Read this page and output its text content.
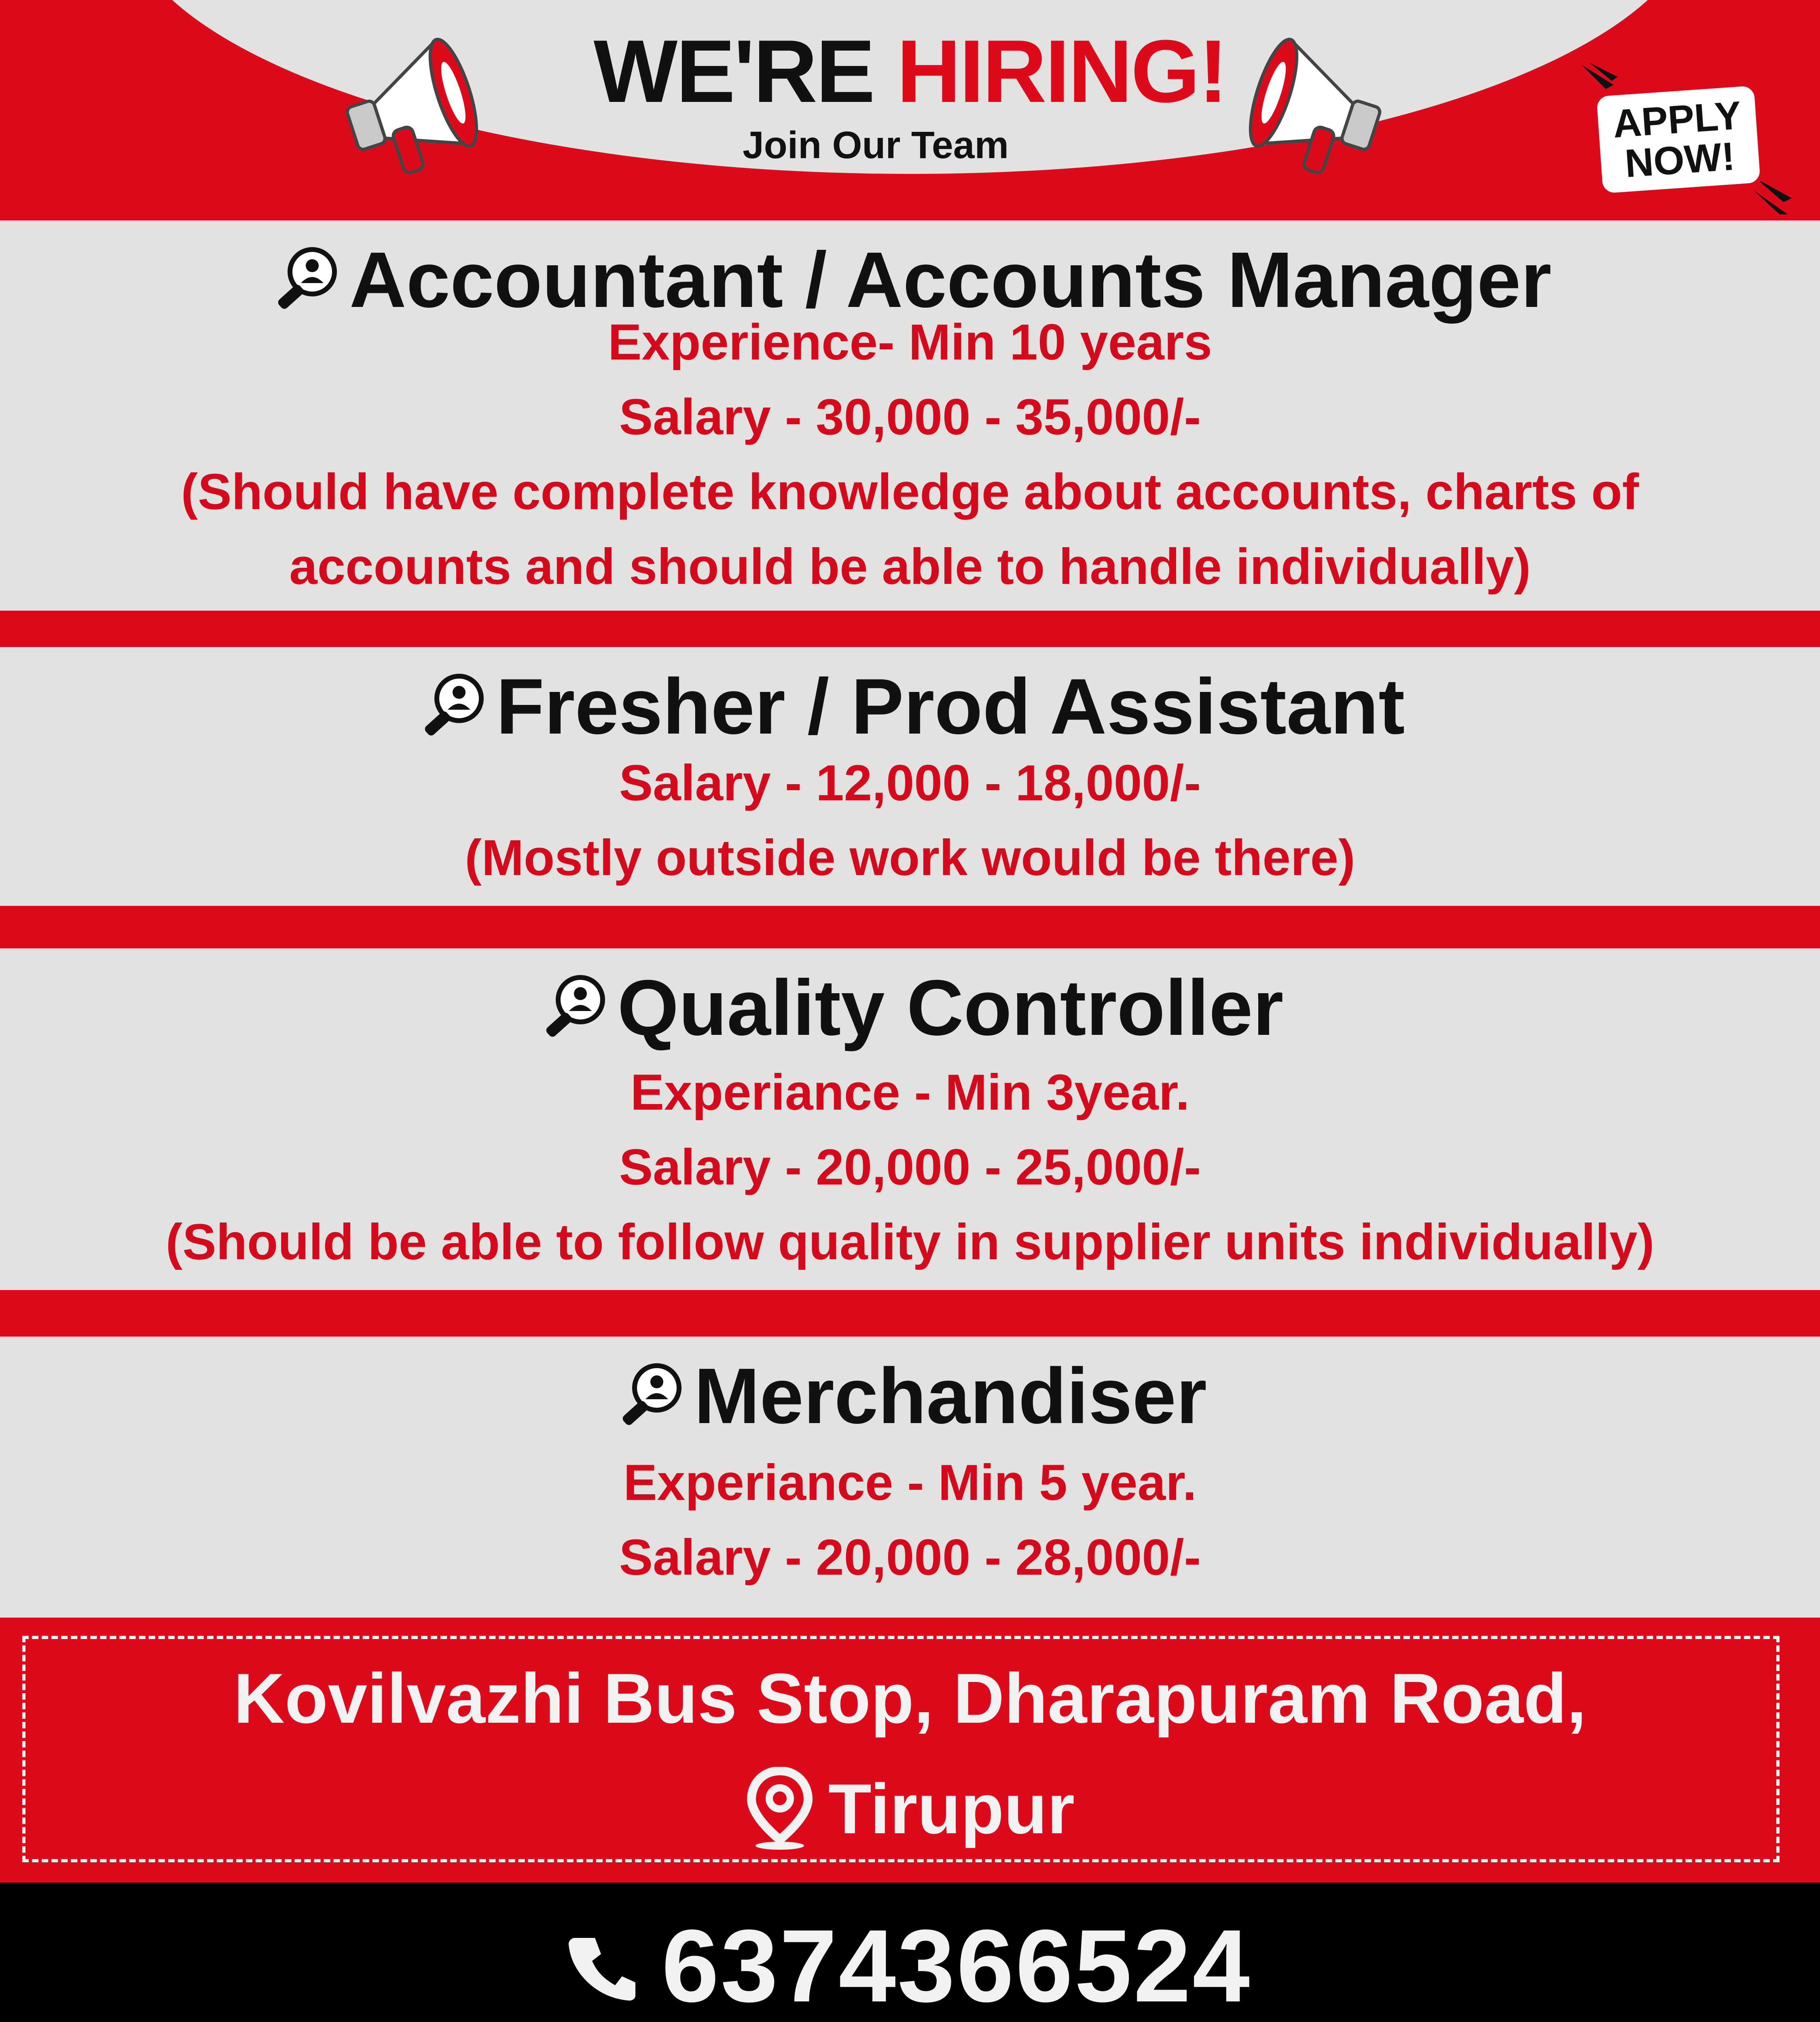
WE'RE HIRING!
Join Our Team	APPLY
NOW!
Accountant / Accounts Manager
Experience- Min 10 years
Salary - 30,000 - 35,000/-
(Should have complete knowledge about accounts, charts of
accounts and should be able to handle individually)
Fresher / Prod Assistant
Salary - 12,000 - 18,000/-
(Mostly outside work would be there)
Quality Controller
Experiance - Min 3year.
Salary - 20,000 - 25,000/-
(Should be able to follow quality in supplier units individually)
Merchandiser
Experiance - Min 5 year.
Salary - 20,000 - 28,000/-
Kovilvazhi Bus Stop, Dharapuram Road,
Tirupur
6374366524
